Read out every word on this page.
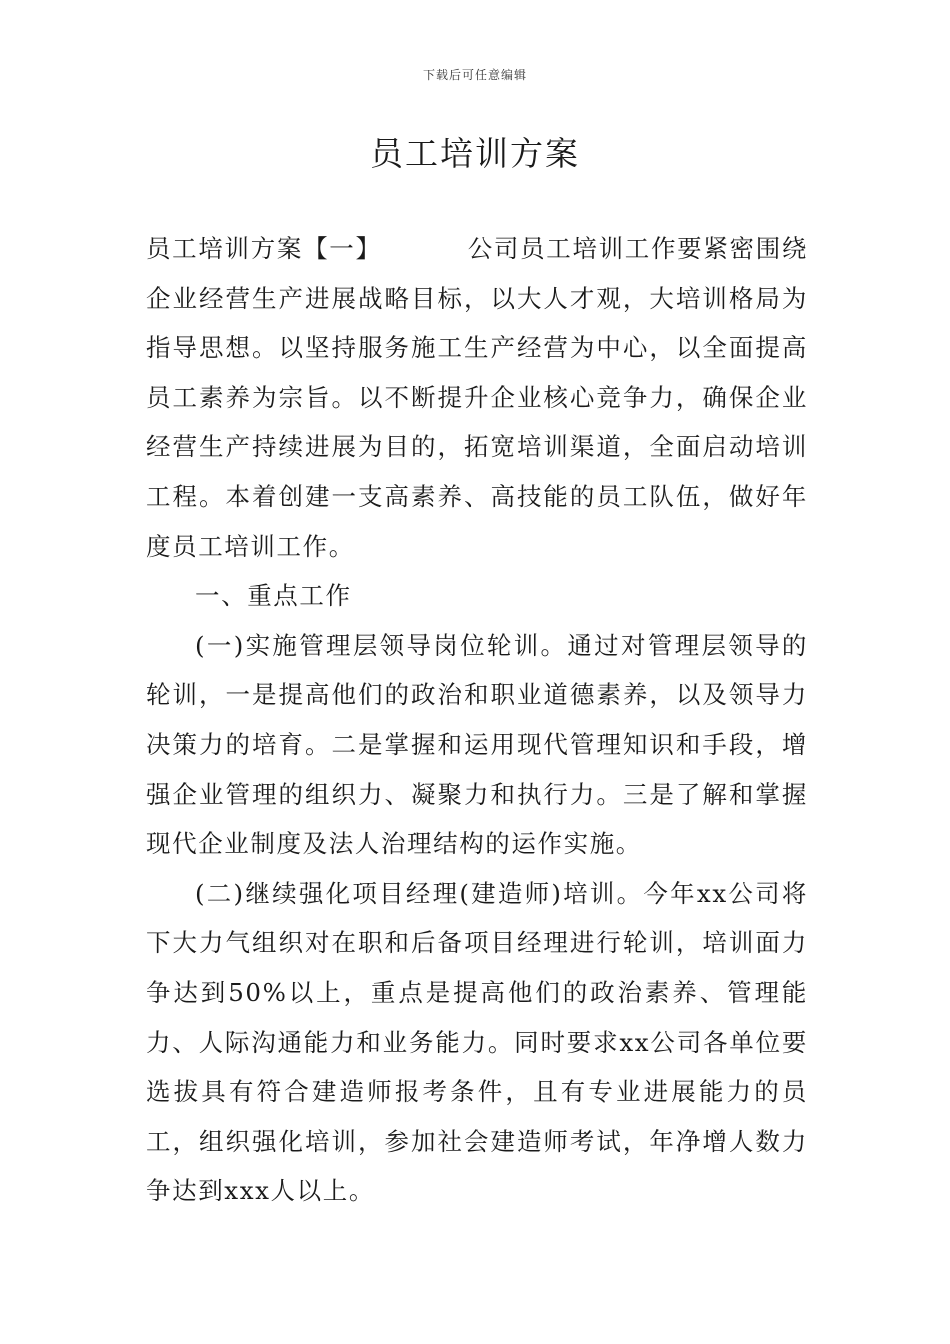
下载后可任意编辑
员工培训方案

员工培训方案【一】	公司员工培训工作要紧密围绕企业经营生产进展战略目标，以大人才观，大培训格局为指导思想。以坚持服务施工生产经营为中心，以全面提高员工素养为宗旨。以不断提升企业核心竞争力，确保企业经营生产持续进展为目的，拓宽培训渠道，全面启动培训工程。本着创建一支高素养、高技能的员工队伍，做好年度员工培训工作。

一、重点工作

(一)实施管理层领导岗位轮训。通过对管理层领导的轮训，一是提高他们的政治和职业道德素养，以及领导力决策力的培育。二是掌握和运用现代管理知识和手段，增强企业管理的组织力、凝聚力和执行力。三是了解和掌握现代企业制度及法人治理结构的运作实施。

(二)继续强化项目经理(建造师)培训。今年xx公司将下大力气组织对在职和后备项目经理进行轮训，培训面力争达到50%以上，重点是提高他们的政治素养、管理能力、人际沟通能力和业务能力。同时要求xx公司各单位要选拔具有符合建造师报考条件，且有专业进展能力的员工，组织强化培训，参加社会建造师考试，年净增人数力争达到xxx人以上。
